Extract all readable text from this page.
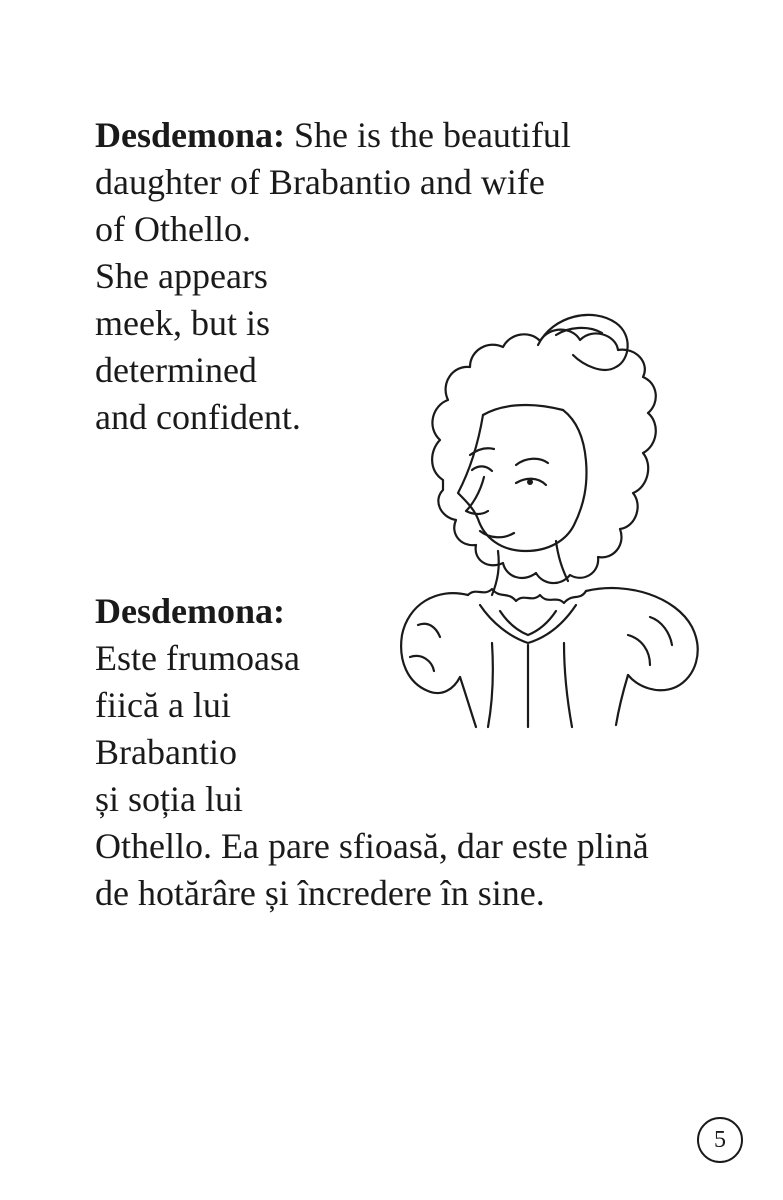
Desdemona: She is the beautiful
daughter of Brabantio and wife
of Othello.
She appears
meek, but is
determined
and confident.
Desdemona:
Este frumoasa
fiică a lui
Brabantio
și soția lui
Othello. Ea pare sfioasă, dar este plină
de hotărâre și încredere în sine.
5
